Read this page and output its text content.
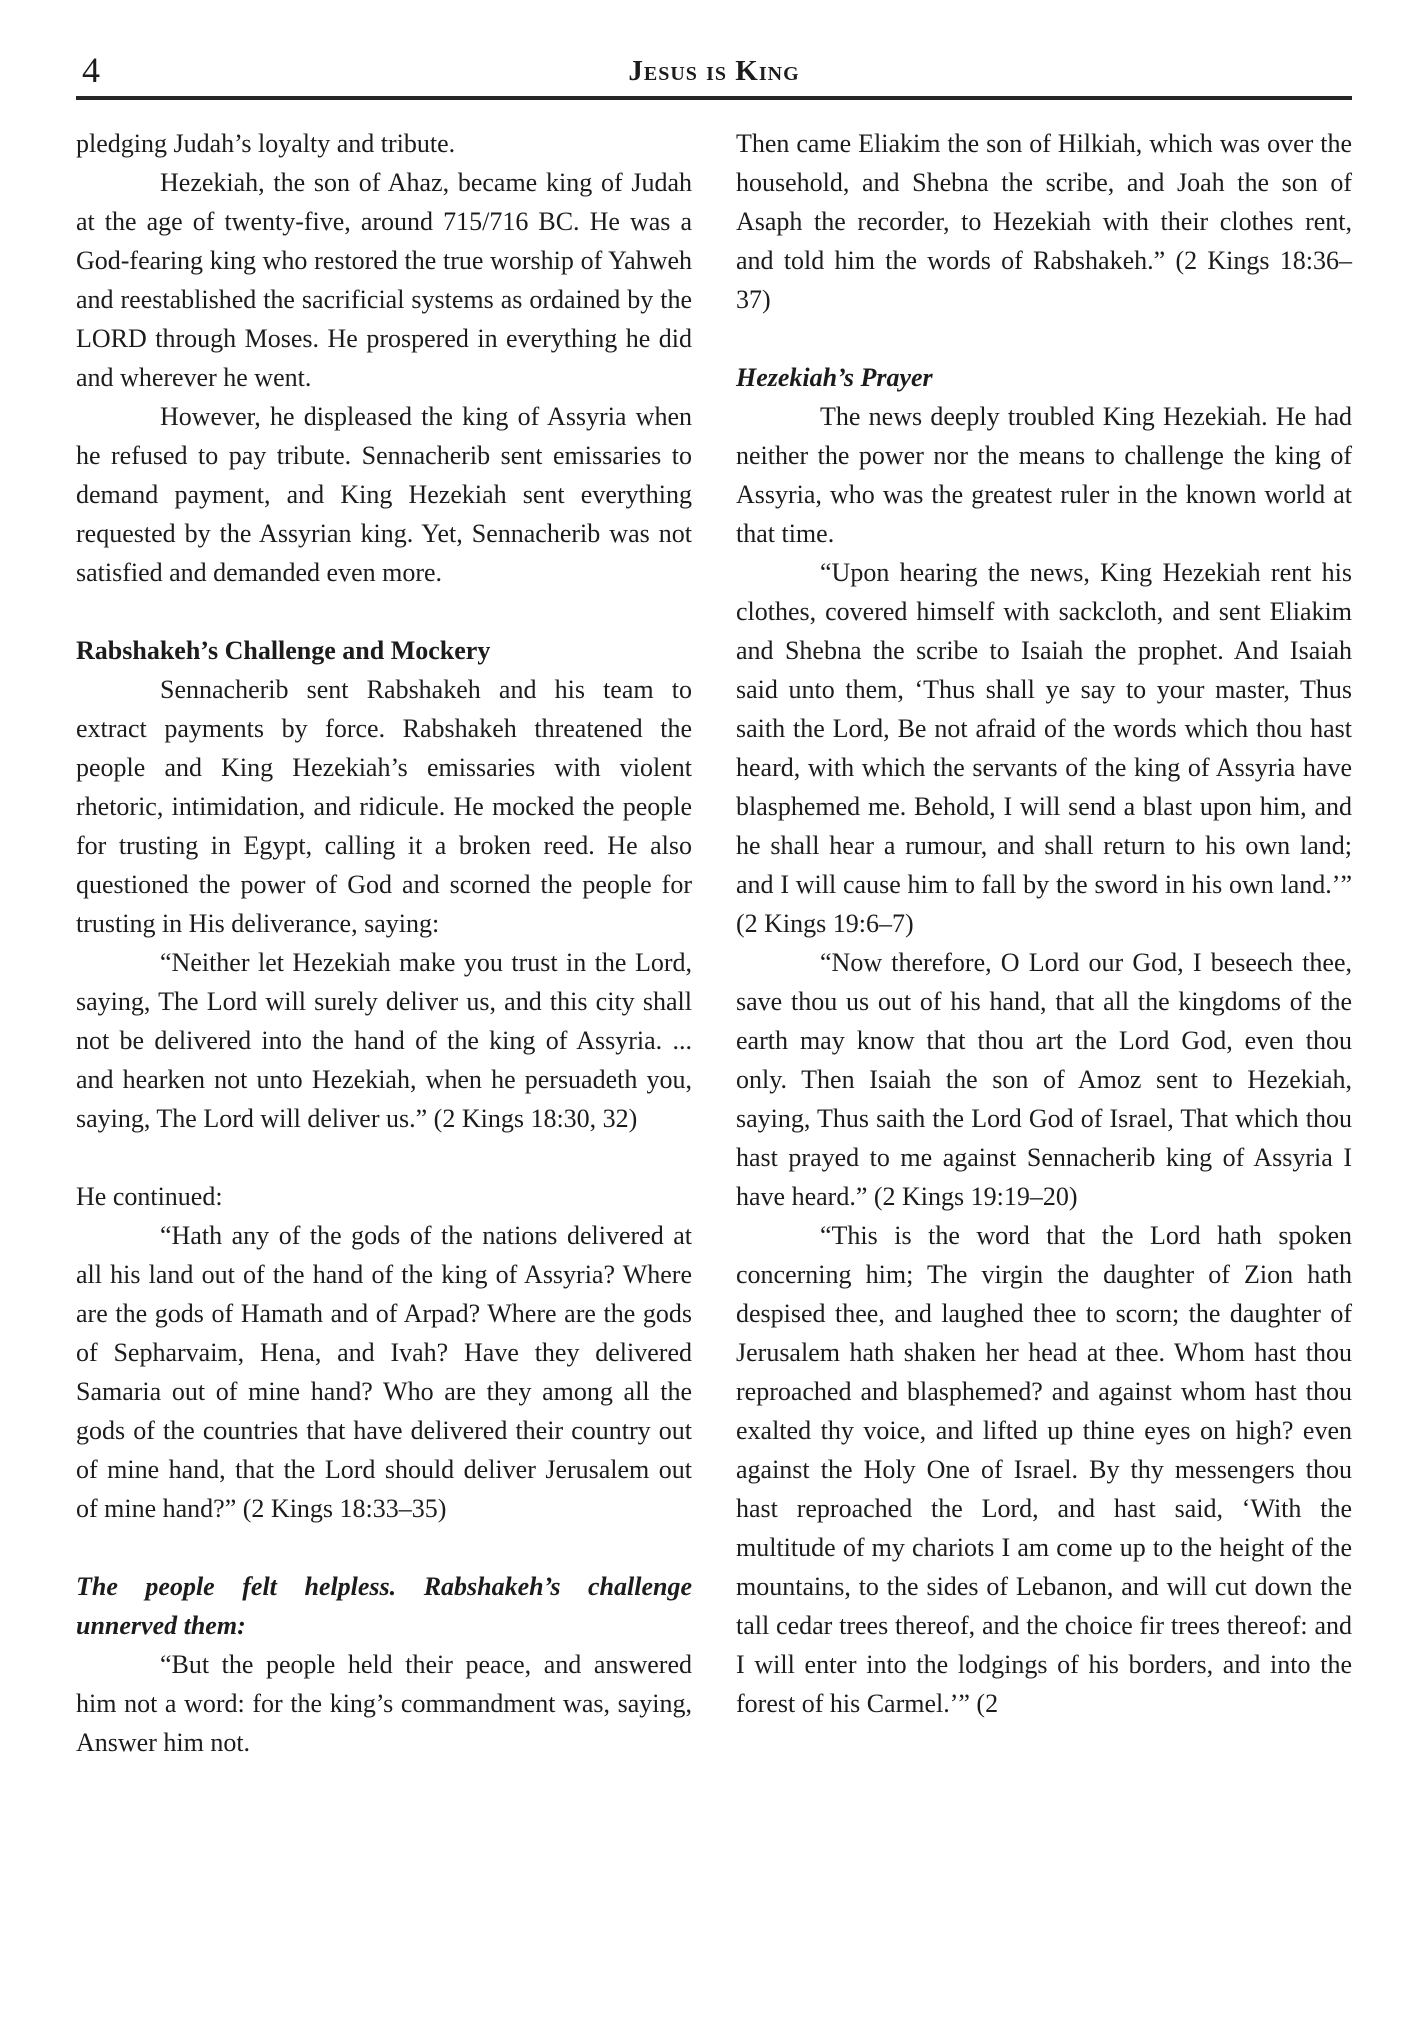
4	Jesus is King

pledging Judah’s loyalty and tribute.

Hezekiah, the son of Ahaz, became king of Judah at the age of twenty-five, around 715/716 BC. He was a God-fearing king who restored the true worship of Yahweh and reestablished the sacrificial systems as ordained by the LORD through Moses. He prospered in everything he did and wherever he went.

However, he displeased the king of Assyria when he refused to pay tribute. Sennacherib sent emissaries to demand payment, and King Hezekiah sent everything requested by the Assyrian king. Yet, Sennacherib was not satisfied and demanded even more.

Rabshakeh’s Challenge and Mockery

Sennacherib sent Rabshakeh and his team to extract payments by force. Rabshakeh threatened the people and King Hezekiah’s emissaries with violent rhetoric, intimidation, and ridicule. He mocked the people for trusting in Egypt, calling it a broken reed. He also questioned the power of God and scorned the people for trusting in His deliverance, saying:

“Neither let Hezekiah make you trust in the Lord, saying, The Lord will surely deliver us, and this city shall not be delivered into the hand of the king of Assyria. ... and hearken not unto Hezekiah, when he persuadeth you, saying, The Lord will deliver us.” (2 Kings 18:30, 32)

He continued:

“Hath any of the gods of the nations delivered at all his land out of the hand of the king of Assyria? Where are the gods of Hamath and of Arpad? Where are the gods of Sepharvaim, Hena, and Ivah? Have they delivered Samaria out of mine hand? Who are they among all the gods of the countries that have delivered their country out of mine hand, that the Lord should deliver Jerusalem out of mine hand?” (2 Kings 18:33–35)

The people felt helpless. Rabshakeh’s challenge unnerved them:

“But the people held their peace, and answered him not a word: for the king’s commandment was, saying, Answer him not.

Then came Eliakim the son of Hilkiah, which was over the household, and Shebna the scribe, and Joah the son of Asaph the recorder, to Hezekiah with their clothes rent, and told him the words of Rabshakeh.” (2 Kings 18:36–37)

Hezekiah’s Prayer

The news deeply troubled King Hezekiah. He had neither the power nor the means to challenge the king of Assyria, who was the greatest ruler in the known world at that time.

“Upon hearing the news, King Hezekiah rent his clothes, covered himself with sackcloth, and sent Eliakim and Shebna the scribe to Isaiah the prophet. And Isaiah said unto them, ‘Thus shall ye say to your master, Thus saith the Lord, Be not afraid of the words which thou hast heard, with which the servants of the king of Assyria have blasphemed me. Behold, I will send a blast upon him, and he shall hear a rumour, and shall return to his own land; and I will cause him to fall by the sword in his own land.’” (2 Kings 19:6–7)

“Now therefore, O Lord our God, I beseech thee, save thou us out of his hand, that all the kingdoms of the earth may know that thou art the Lord God, even thou only. Then Isaiah the son of Amoz sent to Hezekiah, saying, Thus saith the Lord God of Israel, That which thou hast prayed to me against Sennacherib king of Assyria I have heard.” (2 Kings 19:19–20)

“This is the word that the Lord hath spoken concerning him; The virgin the daughter of Zion hath despised thee, and laughed thee to scorn; the daughter of Jerusalem hath shaken her head at thee. Whom hast thou reproached and blasphemed? and against whom hast thou exalted thy voice, and lifted up thine eyes on high? even against the Holy One of Israel. By thy messengers thou hast reproached the Lord, and hast said, ‘With the multitude of my chariots I am come up to the height of the mountains, to the sides of Lebanon, and will cut down the tall cedar trees thereof, and the choice fir trees thereof: and I will enter into the lodgings of his borders, and into the forest of his Carmel.’” (2
